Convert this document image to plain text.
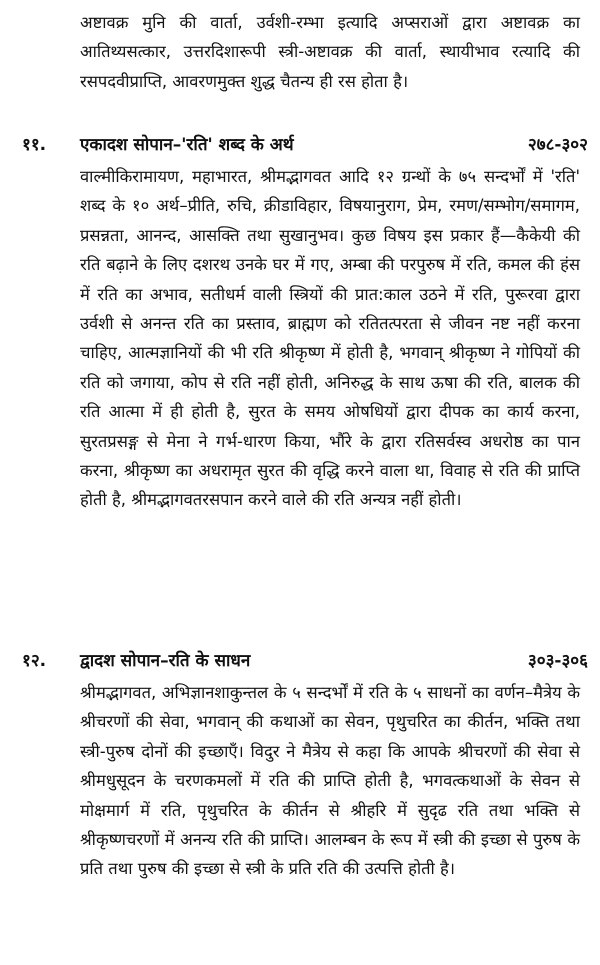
अष्टावक्र मुनि की वार्ता, उर्वशी-रम्भा इत्यादि अप्सराओं द्वारा अष्टावक्र का आतिथ्यसत्कार, उत्तरदिशारूपी स्त्री-अष्टावक्र की वार्ता, स्थायीभाव रत्यादि की रसपदवीप्राप्ति, आवरणमुक्त शुद्ध चैतन्य ही रस होता है।

११. एकादश सोपान–'रति' शब्द के अर्थ	२७८-३०२

वाल्मीकिरामायण, महाभारत, श्रीमद्भागवत आदि १२ ग्रन्थों के ७५ सन्दर्भों में 'रति' शब्द के १० अर्थ–प्रीति, रुचि, क्रीडाविहार, विषयानुराग, प्रेम, रमण/सम्भोग/समागम, प्रसन्नता, आनन्द, आसक्ति तथा सुखानुभव। कुछ विषय इस प्रकार हैं—कैकेयी की रति बढ़ाने के लिए दशरथ उनके घर में गए, अम्बा की परपुरुष में रति, कमल की हंस में रति का अभाव, सतीधर्म वाली स्त्रियों की प्रात:काल उठने में रति, पुरूरवा द्वारा उर्वशी से अनन्त रति का प्रस्ताव, ब्राह्मण को रतितत्परता से जीवन नष्ट नहीं करना चाहिए, आत्मज्ञानियों की भी रति श्रीकृष्ण में होती है, भगवान् श्रीकृष्ण ने गोपियों की रति को जगाया, कोप से रति नहीं होती, अनिरुद्ध के साथ ऊषा की रति, बालक की रति आत्मा में ही होती है, सुरत के समय ओषधियों द्वारा दीपक का कार्य करना, सुरतप्रसङ्ग से मेना ने गर्भ-धारण किया, भौंरे के द्वारा रतिसर्वस्व अधरोष्ठ का पान करना, श्रीकृष्ण का अधरामृत सुरत की वृद्धि करने वाला था, विवाह से रति की प्राप्ति होती है, श्रीमद्भागवतरसपान करने वाले की रति अन्यत्र नहीं होती।

१२. द्वादश सोपान–रति के साधन	३०३-३०६

श्रीमद्भागवत, अभिज्ञानशाकुन्तल के ५ सन्दर्भों में रति के ५ साधनों का वर्णन–मैत्रेय के श्रीचरणों की सेवा, भगवान् की कथाओं का सेवन, पृथुचरित का कीर्तन, भक्ति तथा स्त्री-पुरुष दोनों की इच्छाएँ। विदुर ने मैत्रेय से कहा कि आपके श्रीचरणों की सेवा से श्रीमधुसूदन के चरणकमलों में रति की प्राप्ति होती है, भगवत्कथाओं के सेवन से मोक्षमार्ग में रति, पृथुचरित के कीर्तन से श्रीहरि में सुदृढ रति तथा भक्ति से श्रीकृष्णचरणों में अनन्य रति की प्राप्ति। आलम्बन के रूप में स्त्री की इच्छा से पुरुष के प्रति तथा पुरुष की इच्छा से स्त्री के प्रति रति की उत्पत्ति होती है।
